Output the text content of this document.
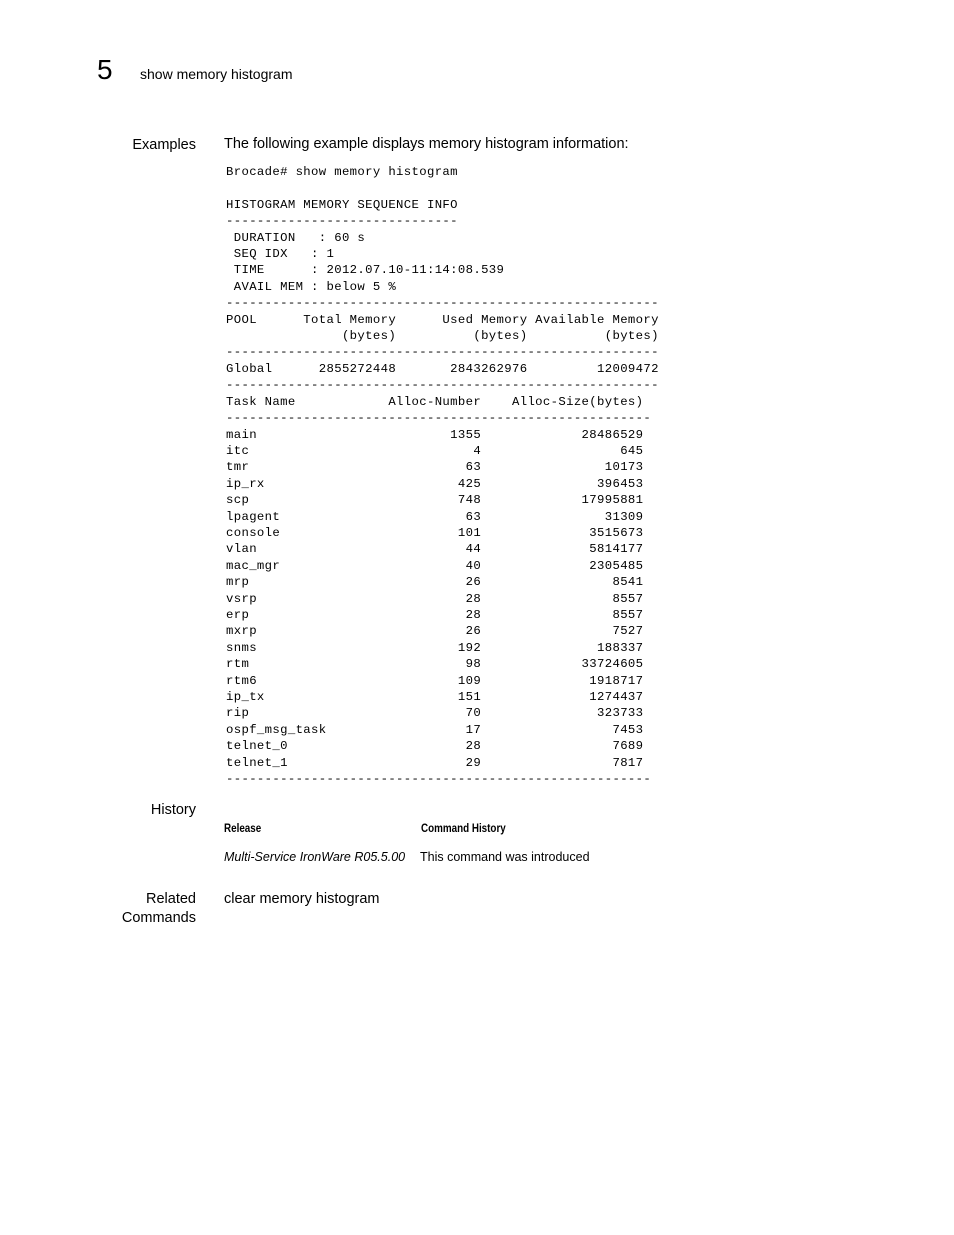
5 show memory histogram
Examples The following example displays memory histogram information:
Brocade# show memory histogram

HISTOGRAM MEMORY SEQUENCE INFO
------------------------------
DURATION   : 60 s
SEQ IDX   : 1
TIME      : 2012.07.10-11:14:08.539
AVAIL MEM : below 5 %
--------------------------------------------------------
POOL      Total Memory      Used Memory Available Memory
(bytes)          (bytes)          (bytes)
--------------------------------------------------------
Global      2855272448       2843262976         12009472
--------------------------------------------------------
Task Name            Alloc-Number    Alloc-Size(bytes)
-------------------------------------------------------
main                         1355             28486529
itc                             4                  645
tmr                            63                10173
ip_rx                         425               396453
scp                           748             17995881
lpagent                        63                31309
console                       101              3515673
vlan                           44              5814177
mac_mgr                        40              2305485
mrp                            26                 8541
vsrp                           28                 8557
erp                            28                 8557
mxrp                           26                 7527
snms                          192               188337
rtm                            98             33724605
rtm6                          109              1918717
ip_tx                         151              1274437
rip                            70               323733
ospf_msg_task                  17                 7453
telnet_0                       28                 7689
telnet_1                       29                 7817
-------------------------------------------------------

History
Release	Command History
Multi-Service IronWare R05.5.00 This command was introduced
Related
Commands
clear memory histogram
